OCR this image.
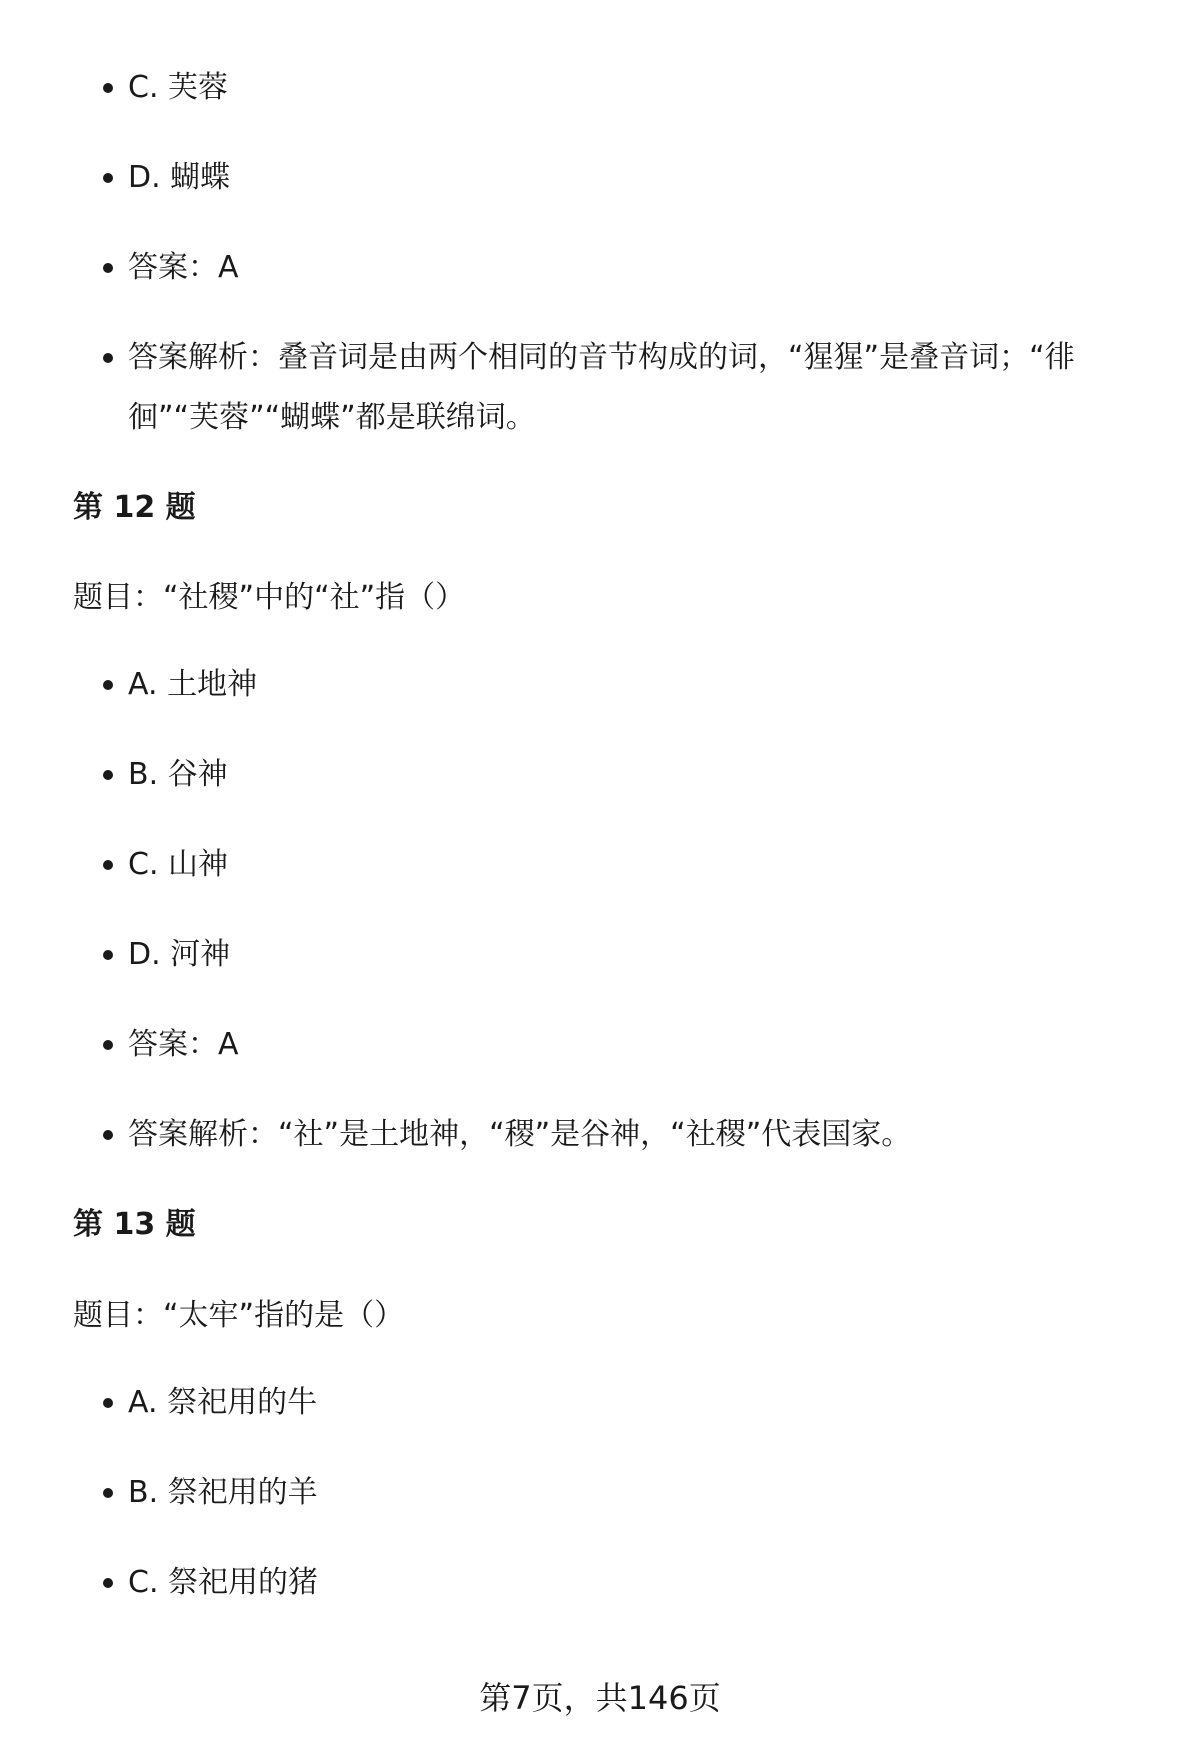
C. 芙蓉
D. 蝴蝶
答案：A
答案解析：叠音词是由两个相同的音节构成的词，“猩猩”是叠音词；“徘徊”“芙蓉”“蝴蝶”都是联绵词。
第 12 题
题目：“社稷”中的“社”指（）
A. 土地神
B. 谷神
C. 山神
D. 河神
答案：A
答案解析：“社”是土地神，“稷”是谷神，“社稷”代表国家。
第 13 题
题目：“太牢”指的是（）
A. 祭祀用的牛
B. 祭祀用的羊
C. 祭祀用的猪
第7页，共146页
